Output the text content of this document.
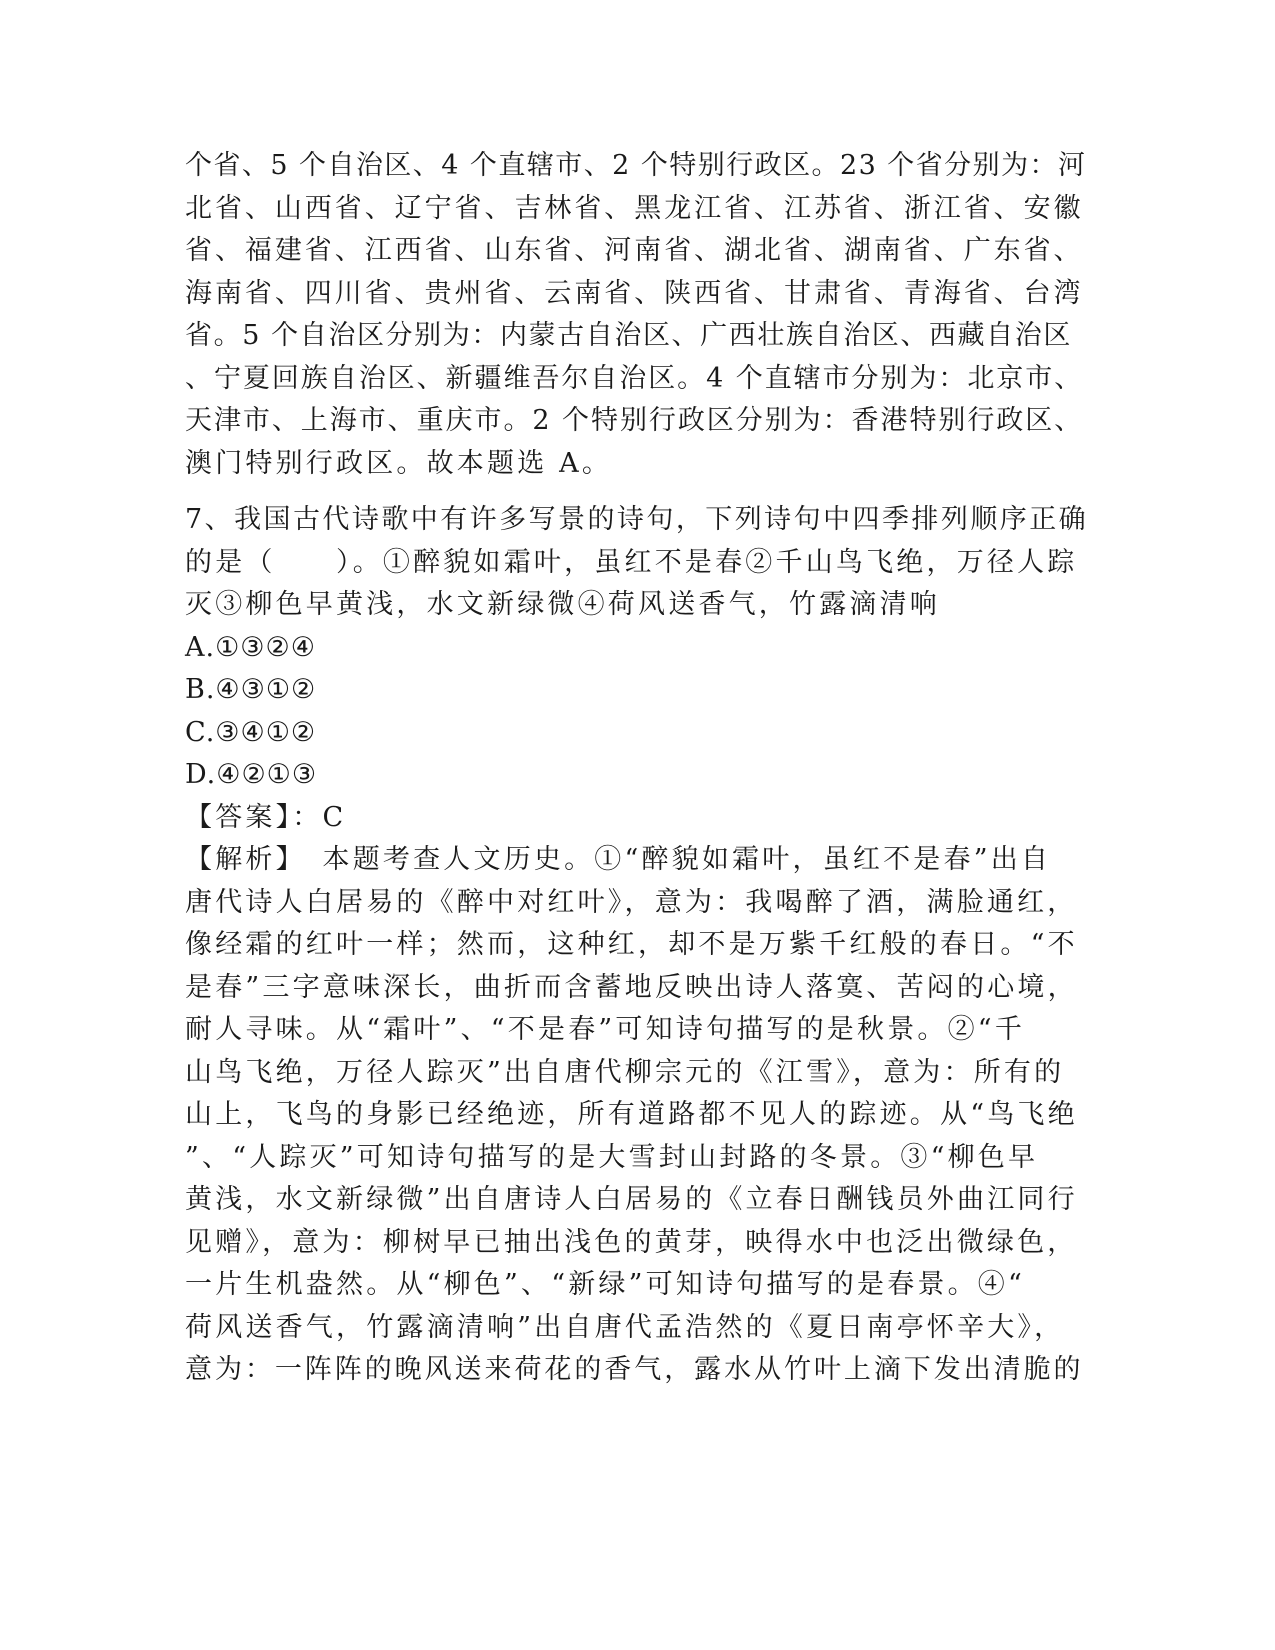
个省、5 个自治区、4 个直辖市、2 个特别行政区。23 个省分别为：河
北省、山西省、辽宁省、吉林省、黑龙江省、江苏省、浙江省、安徽
省、福建省、江西省、山东省、河南省、湖北省、湖南省、广东省、
海南省、四川省、贵州省、云南省、陕西省、甘肃省、青海省、台湾
省。5 个自治区分别为：内蒙古自治区、广西壮族自治区、西藏自治区
、宁夏回族自治区、新疆维吾尔自治区。4 个直辖市分别为：北京市、
天津市、上海市、重庆市。2 个特别行政区分别为：香港特别行政区、
澳门特别行政区。故本题选 A。
7、我国古代诗歌中有许多写景的诗句，下列诗句中四季排列顺序正确
的是（　　）。①醉貌如霜叶，虽红不是春②千山鸟飞绝，万径人踪
灭③柳色早黄浅，水文新绿微④荷风送香气，竹露滴清响
A.①③②④
B.④③①②
C.③④①②
D.④②①③
【答案】：C
【解析】　本题考查人文历史。①“醉貌如霜叶，虽红不是春”出自
唐代诗人白居易的《醉中对红叶》，意为：我喝醉了酒，满脸通红，
像经霜的红叶一样；然而，这种红，却不是万紫千红般的春日。“不
是春”三字意味深长，曲折而含蓄地反映出诗人落寞、苦闷的心境，
耐人寻味。从“霜叶”、“不是春”可知诗句描写的是秋景。②“千
山鸟飞绝，万径人踪灭”出自唐代柳宗元的《江雪》，意为：所有的
山上，飞鸟的身影已经绝迹，所有道路都不见人的踪迹。从“鸟飞绝
”、“人踪灭”可知诗句描写的是大雪封山封路的冬景。③“柳色早
黄浅，水文新绿微”出自唐诗人白居易的《立春日酬钱员外曲江同行
见赠》，意为：柳树早已抽出浅色的黄芽，映得水中也泛出微绿色，
一片生机盎然。从“柳色”、“新绿”可知诗句描写的是春景。④“
荷风送香气，竹露滴清响”出自唐代孟浩然的《夏日南亭怀辛大》，
意为：一阵阵的晚风送来荷花的香气，露水从竹叶上滴下发出清脆的
